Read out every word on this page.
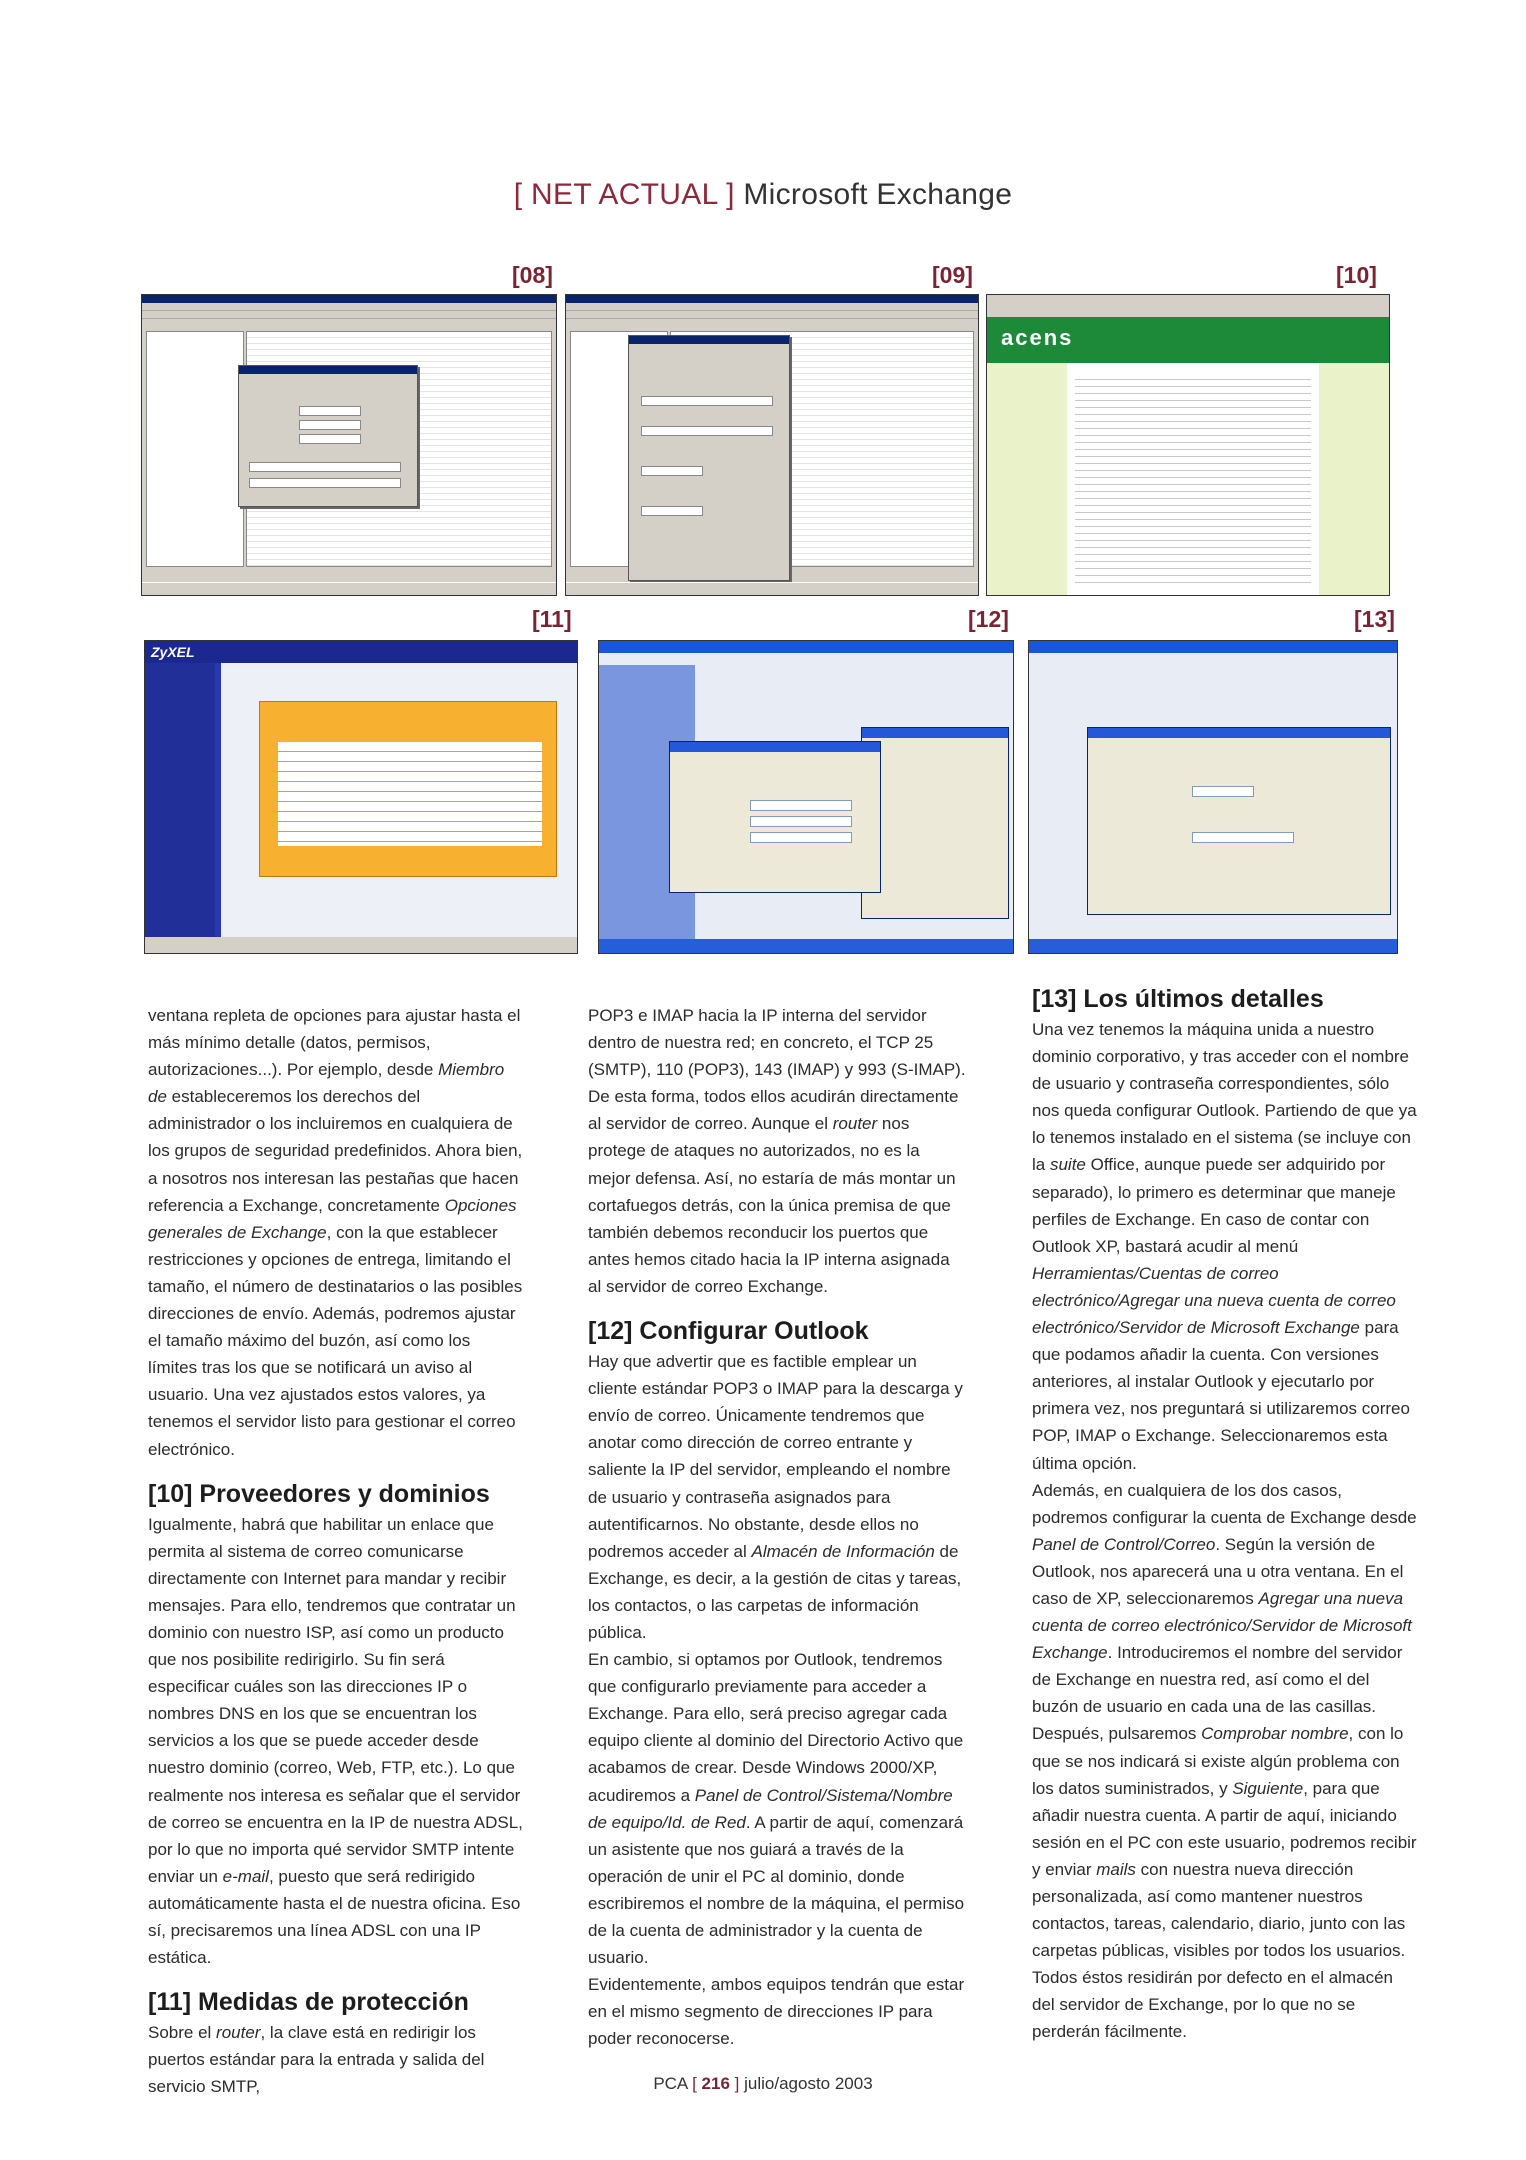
[ NET ACTUAL ] Microsoft Exchange
[08]	[09]	[10]
acens
[11]	[12]	[13]
ZyXEL

ventana repleta de opciones para ajustar hasta el más mínimo detalle (datos, permisos, autorizaciones...). Por ejemplo, desde Miembro de estableceremos los derechos del administrador o los incluiremos en cualquiera de los grupos de seguridad predefinidos. Ahora bien, a nosotros nos interesan las pestañas que hacen referencia a Exchange, concretamente Opciones generales de Exchange, con la que establecer restricciones y opciones de entrega, limitando el tamaño, el número de destinatarios o las posibles direcciones de envío. Además, podremos ajustar el tamaño máximo del buzón, así como los límites tras los que se notificará un aviso al usuario. Una vez ajustados estos valores, ya tenemos el servidor listo para gestionar el correo electrónico.

[10] Proveedores y dominios

Igualmente, habrá que habilitar un enlace que permita al sistema de correo comunicarse directamente con Internet para mandar y recibir mensajes. Para ello, tendremos que contratar un dominio con nuestro ISP, así como un producto que nos posibilite redirigirlo. Su fin será especificar cuáles son las direcciones IP o nombres DNS en los que se encuentran los servicios a los que se puede acceder desde nuestro dominio (correo, Web, FTP, etc.). Lo que realmente nos interesa es señalar que el servidor de correo se encuentra en la IP de nuestra ADSL, por lo que no importa qué servidor SMTP intente enviar un e-mail, puesto que será redirigido automáticamente hasta el de nuestra oficina. Eso sí, precisaremos una línea ADSL con una IP estática.

[11] Medidas de protección

Sobre el router, la clave está en redirigir los puertos estándar para la entrada y salida del servicio SMTP,

POP3 e IMAP hacia la IP interna del servidor dentro de nuestra red; en concreto, el TCP 25 (SMTP), 110 (POP3), 143 (IMAP) y 993 (S-IMAP). De esta forma, todos ellos acudirán directamente al servidor de correo. Aunque el router nos protege de ataques no autorizados, no es la mejor defensa. Así, no estaría de más montar un cortafuegos detrás, con la única premisa de que también debemos reconducir los puertos que antes hemos citado hacia la IP interna asignada al servidor de correo Exchange.

[12] Configurar Outlook

Hay que advertir que es factible emplear un cliente estándar POP3 o IMAP para la descarga y envío de correo. Únicamente tendremos que anotar como dirección de correo entrante y saliente la IP del servidor, empleando el nombre de usuario y contraseña asignados para autentificarnos. No obstante, desde ellos no podremos acceder al Almacén de Información de Exchange, es decir, a la gestión de citas y tareas, los contactos, o las carpetas de información pública.

En cambio, si optamos por Outlook, tendremos que configurarlo previamente para acceder a Exchange. Para ello, será preciso agregar cada equipo cliente al dominio del Directorio Activo que acabamos de crear. Desde Windows 2000/XP, acudiremos a Panel de Control/Sistema/Nombre de equipo/Id. de Red. A partir de aquí, comenzará un asistente que nos guiará a través de la operación de unir el PC al dominio, donde escribiremos el nombre de la máquina, el permiso de la cuenta de administrador y la cuenta de usuario.

Evidentemente, ambos equipos tendrán que estar en el mismo segmento de direcciones IP para poder reconocerse.

[13] Los últimos detalles

Una vez tenemos la máquina unida a nuestro dominio corporativo, y tras acceder con el nombre de usuario y contraseña correspondientes, sólo nos queda configurar Outlook. Partiendo de que ya lo tenemos instalado en el sistema (se incluye con la suite Office, aunque puede ser adquirido por separado), lo primero es determinar que maneje perfiles de Exchange. En caso de contar con Outlook XP, bastará acudir al menú Herramientas/Cuentas de correo electrónico/Agregar una nueva cuenta de correo electrónico/Servidor de Microsoft Exchange para que podamos añadir la cuenta. Con versiones anteriores, al instalar Outlook y ejecutarlo por primera vez, nos preguntará si utilizaremos correo POP, IMAP o Exchange. Seleccionaremos esta última opción.

Además, en cualquiera de los dos casos, podremos configurar la cuenta de Exchange desde Panel de Control/Correo. Según la versión de Outlook, nos aparecerá una u otra ventana. En el caso de XP, seleccionaremos Agregar una nueva cuenta de correo electrónico/Servidor de Microsoft Exchange. Introduciremos el nombre del servidor de Exchange en nuestra red, así como el del buzón de usuario en cada una de las casillas. Después, pulsaremos Comprobar nombre, con lo que se nos indicará si existe algún problema con los datos suministrados, y Siguiente, para que añadir nuestra cuenta. A partir de aquí, iniciando sesión en el PC con este usuario, podremos recibir y enviar mails con nuestra nueva dirección personalizada, así como mantener nuestros contactos, tareas, calendario, diario, junto con las carpetas públicas, visibles por todos los usuarios. Todos éstos residirán por defecto en el almacén del servidor de Exchange, por lo que no se perderán fácilmente.

PCA [ 216 ] julio/agosto 2003
